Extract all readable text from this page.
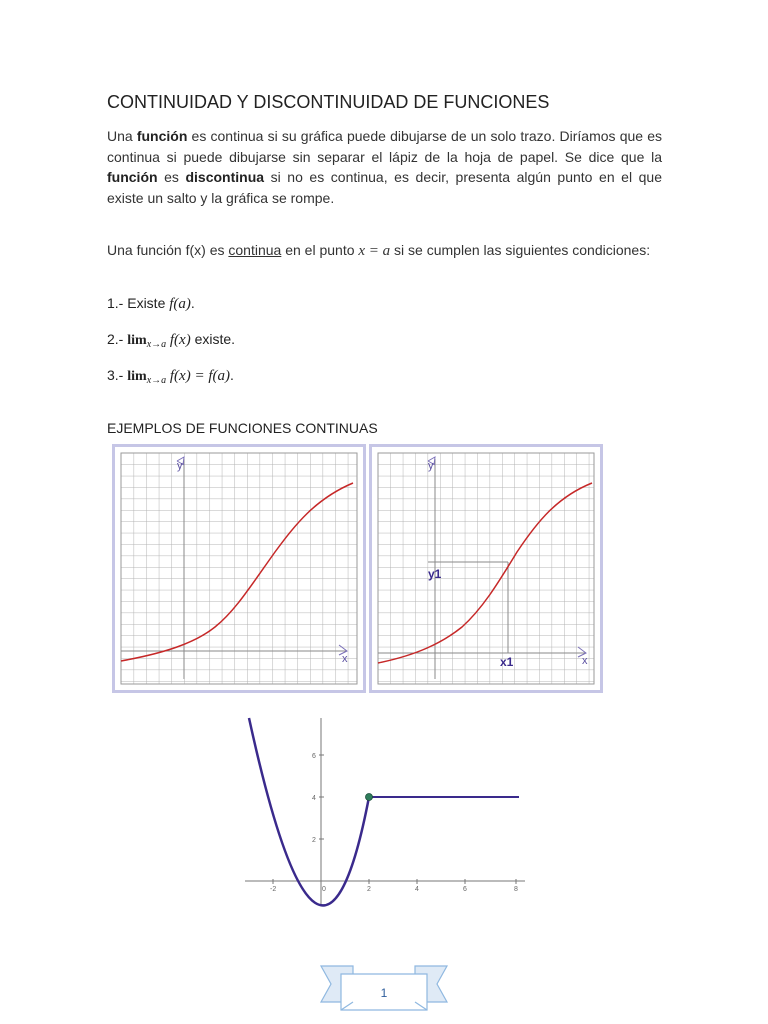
CONTINUIDAD Y DISCONTINUIDAD DE FUNCIONES
Una función es continua si su gráfica puede dibujarse de un solo trazo. Diríamos que es continua si puede dibujarse sin separar el lápiz de la hoja de papel. Se dice que la función es discontinua si no es continua, es decir, presenta algún punto en el que existe un salto y la gráfica se rompe.
Una función f(x) es continua en el punto x = a si se cumplen las siguientes condiciones:
1.- Existe f(a).
2.- $\lim_{x\to a} f(x)$ existe.
3.- $\lim_{x\to a} f(x) = f(a)$.
EJEMPLOS DE FUNCIONES CONTINUAS
y
x
y
x
y1
x1
-2	0	2	4	6	8
2
4
6
1
